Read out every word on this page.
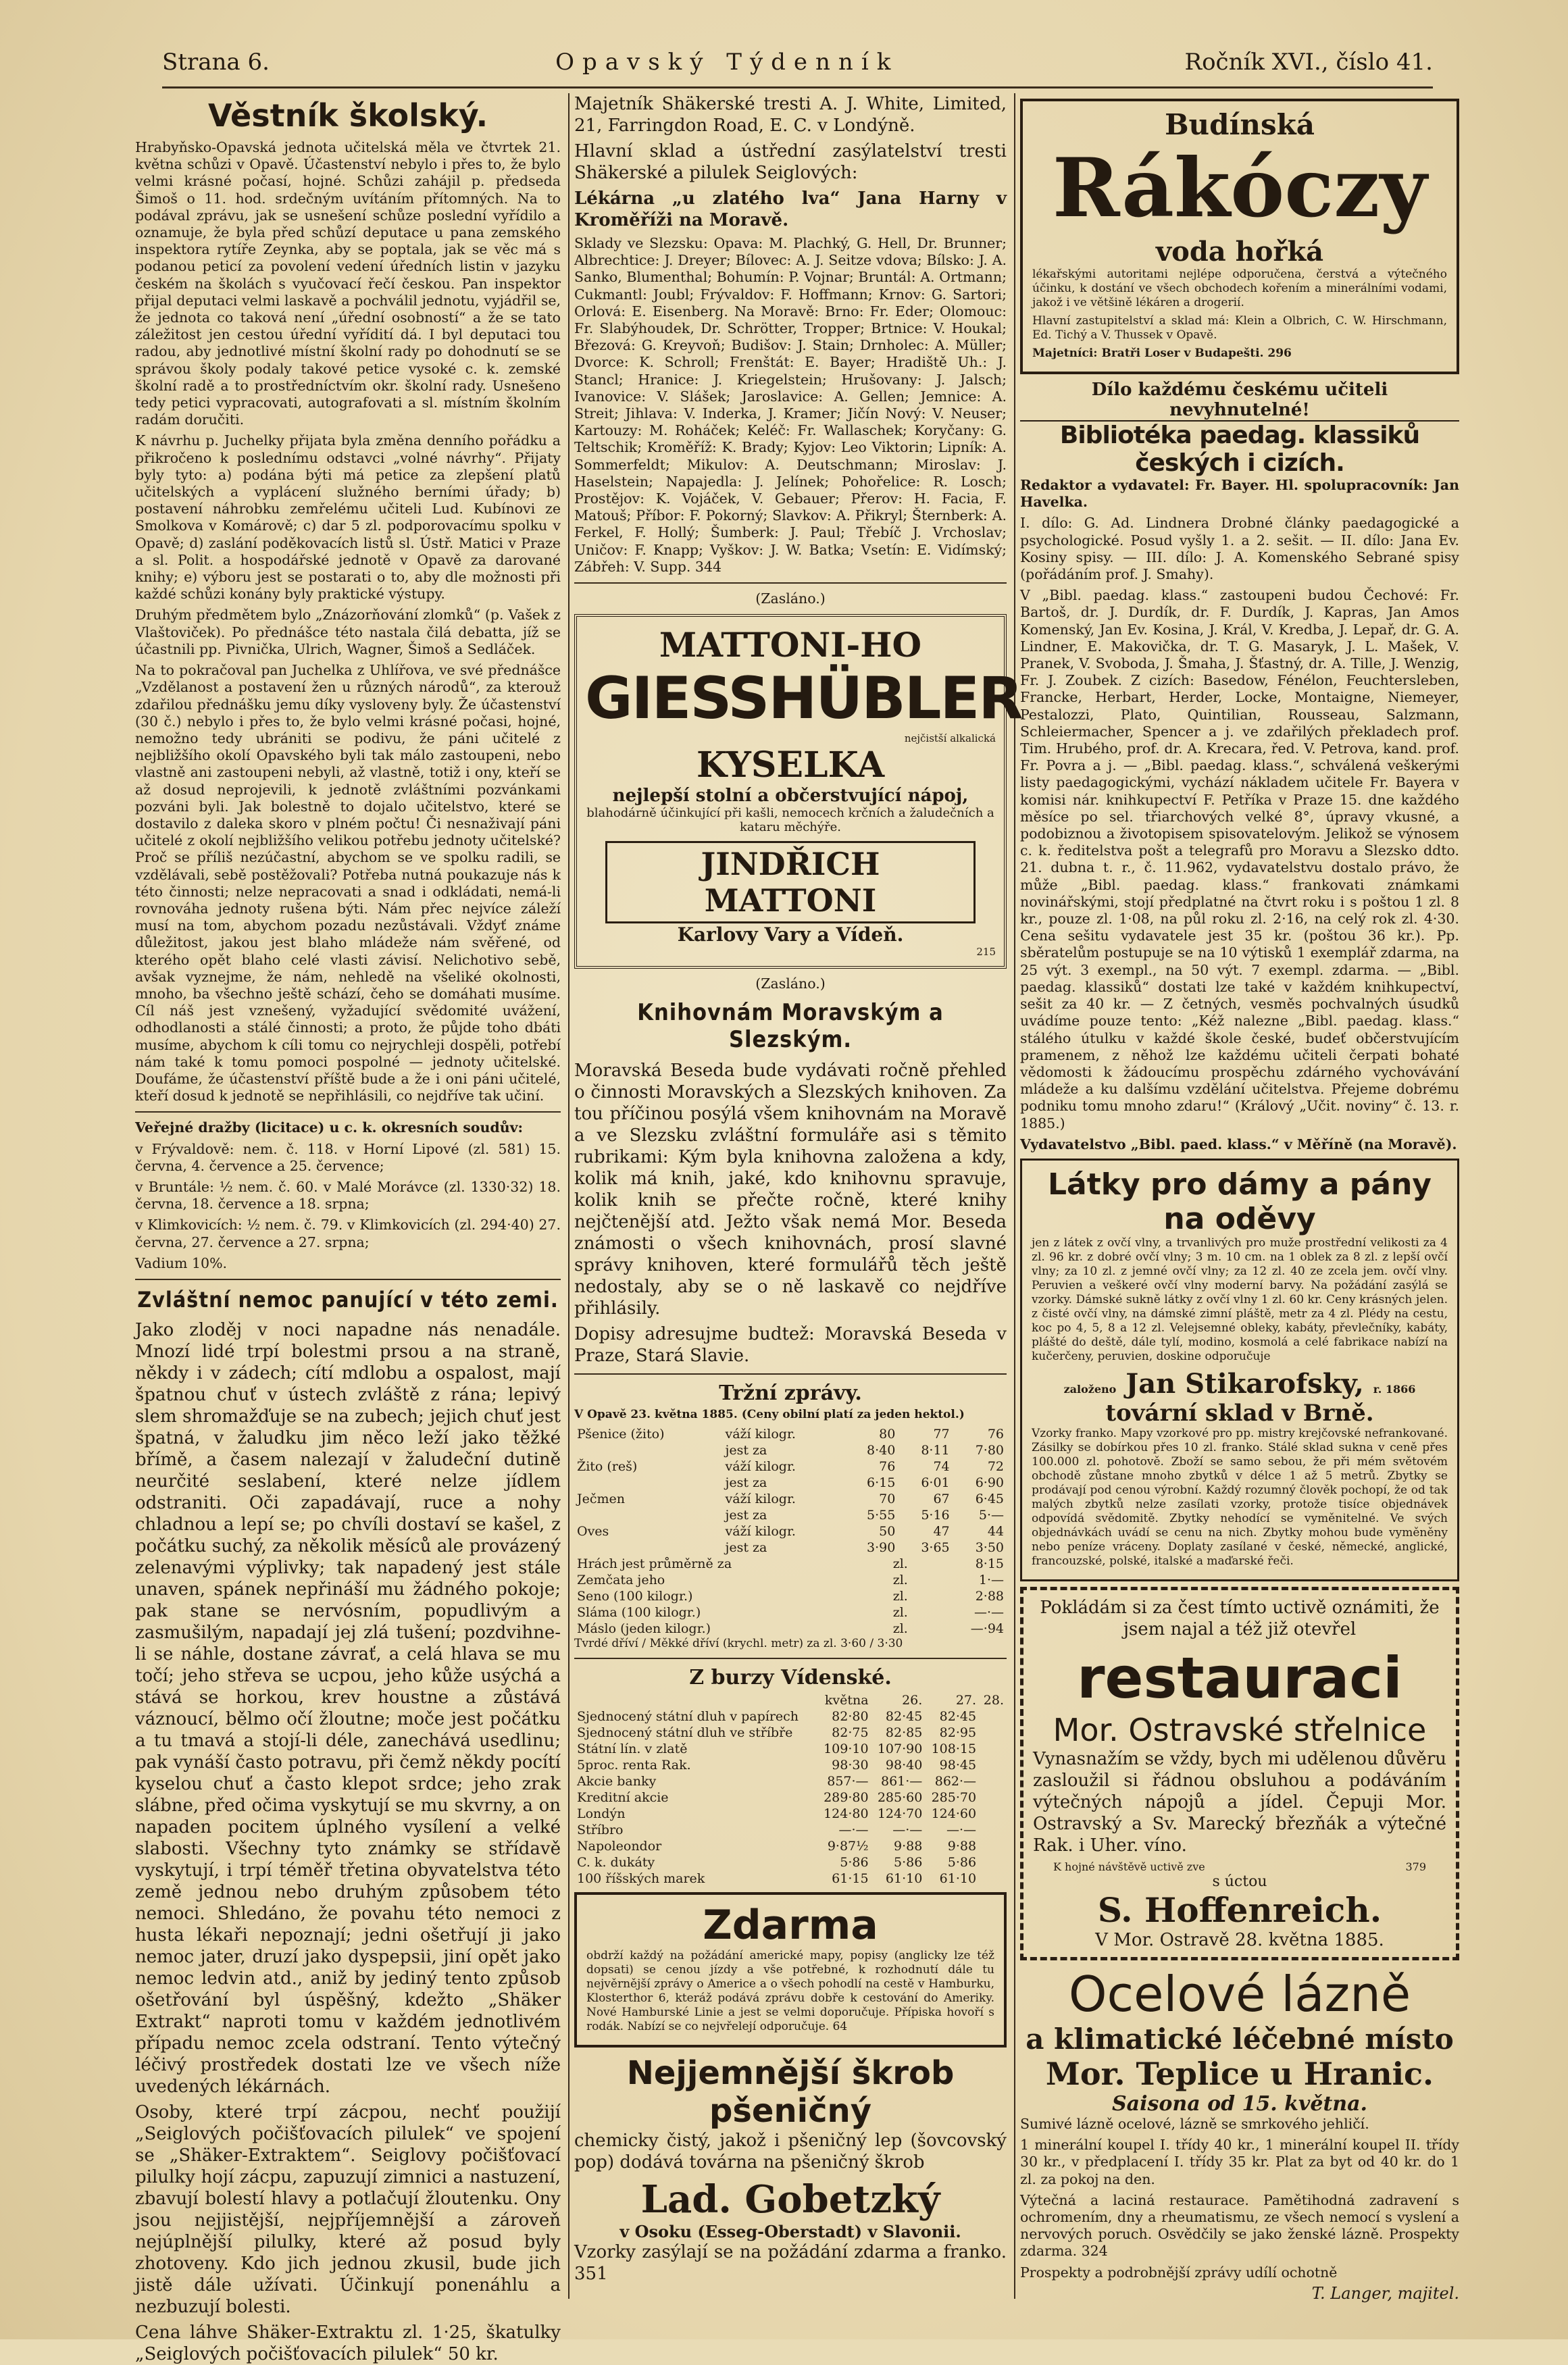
Strana 6.	Opavský Týdenník	Ročník XVI., číslo 41.
Věstník školský.

Hrabyňsko-Opavská jednota učitelská měla ve čtvrtek 21. května schůzi v Opavě. Účastenství nebylo i přes to, že bylo velmi krásné počasí, hojné. Schůzi zahájil p. předseda Šimoš o 11. hod. srdečným uvítáním přítomných. Na to podával zprávu, jak se usnešení schůze poslední vyřídilo a oznamuje, že byla před schůzí deputace u pana zemského inspektora rytíře Zeynka, aby se poptala, jak se věc má s podanou peticí za povolení vedení úředních listin v jazyku českém na školách s vyučovací řečí českou. Pan inspektor přijal deputaci velmi laskavě a pochválil jednotu, vyjádřil se, že jednota co taková není „úřední osobností“ a že se tato záležitost jen cestou úřední vyřídití dá. I byl deputaci tou radou, aby jednotlivé místní školní rady po dohodnutí se se správou školy podaly takové petice vysoké c. k. zemské školní radě a to prostředníctvím okr. školní rady. Usnešeno tedy petici vypracovati, autografovati a sl. místním školním radám doručiti.

K návrhu p. Juchelky přijata byla změna denního pořádku a přikročeno k poslednímu odstavci „volné návrhy“. Přijaty byly tyto: a) podána býti má petice za zlepšení platů učitelských a vyplácení služného berními úřady; b) postavení náhrobku zemřelému učiteli Lud. Kubínovi ze Smolkova v Komárově; c) dar 5 zl. podporovacímu spolku v Opavě; d) zaslání poděkovacích listů sl. Ústř. Matici v Praze a sl. Polit. a hospodářské jednotě v Opavě za darované knihy; e) výboru jest se postarati o to, aby dle možnosti při každé schůzi konány byly praktické výstupy.

Druhým předmětem bylo „Znázorňování zlomků“ (p. Vašek z Vlaštoviček). Po přednášce této nastala čilá debatta, jíž se účastnili pp. Pivnička, Ulrich, Wagner, Šimoš a Sedláček.

Na to pokračoval pan Juchelka z Uhlířova, ve své přednášce „Vzdělanost a postavení žen u různých národů“, za kterouž zdařilou přednášku jemu díky vysloveny byly. Že účastenství (30 č.) nebylo i přes to, že bylo velmi krásné počasi, hojné, nemožno tedy ubrániti se podivu, že páni učitelé z nejbližšího okolí Opavského byli tak málo zastoupeni, nebo vlastně ani zastoupeni nebyli, až vlastně, totiž i ony, kteří se až dosud neprojevili, k jednotě zvláštními pozvánkami pozváni byli. Jak bolestně to dojalo učitelstvo, které se dostavilo z daleka skoro v plném počtu! Či nesnaživají páni učitelé z okolí nejbližšího velikou potřebu jednoty učitelské? Proč se příliš nezúčastní, abychom se ve spolku radili, se vzdělávali, sebě postěžovali? Potřeba nutná poukazuje nás k této činnosti; nelze nepracovati a snad i odkládati, nemá-li rovnováha jednoty rušena býti. Nám přec nejvíce záleží musí na tom, abychom pozadu nezůstávali. Vždyť známe důležitost, jakou jest blaho mládeže nám svěřené, od kterého opět blaho celé vlasti závisí. Nelichotivo sebě, avšak vyznejme, že nám, nehledě na všeliké okolnosti, mnoho, ba všechno ještě schází, čeho se domáhati musíme. Cíl náš jest vznešený, vyžadující svědomité uvážení, odhodlanosti a stálé činnosti; a proto, že půjde toho dbáti musíme, abychom k cíli tomu co nejrychleji dospěli, potřebí nám také k tomu pomoci pospolné — jednoty učitelské. Doufáme, že účastenství příště bude a že i oni páni učitelé, kteří dosud k jednotě se nepřihlásili, co nejdříve tak učiní.

Veřejné dražby (licitace) u c. k. okresních soudův:

v Frývaldově: nem. č. 118. v Horní Lipové (zl. 581) 15. června, 4. července a 25. července;

v Bruntále: ½ nem. č. 60. v Malé Morávce (zl. 1330·32) 18. června, 18. července a 18. srpna;

v Klimkovicích: ½ nem. č. 79. v Klimkovicích (zl. 294·40) 27. června, 27. července a 27. srpna;

Vadium 10%.

Zvláštní nemoc panující v této zemi.

Jako zloděj v noci napadne nás nenadále. Mnozí lidé trpí bolestmi prsou a na straně, někdy i v zádech; cítí mdlobu a ospalost, mají špatnou chuť v ústech zvláště z rána; lepivý slem shromažďuje se na zubech; jejich chuť jest špatná, v žaludku jim něco leží jako těžké břímě, a časem nalezají v žaludeční dutině neurčité seslabení, které nelze jídlem odstraniti. Oči zapadávají, ruce a nohy chladnou a lepí se; po chvíli dostaví se kašel, z počátku suchý, za několik měsíců ale provázený zelenavými výplivky; tak napadený jest stále unaven, spánek nepřináší mu žádného pokoje; pak stane se nervósním, popudlivým a zasmušilým, napadají jej zlá tušení; pozdvihne-li se náhle, dostane závrať, a celá hlava se mu točí; jeho střeva se ucpou, jeho kůže usýchá a stává se horkou, krev houstne a zůstává váznoucí, bělmo očí žloutne; moče jest počátku a tu tmavá a stojí-li déle, zanechává usedlinu; pak vynáší často potravu, při čemž někdy pocítí kyselou chuť a často klepot srdce; jeho zrak slábne, před očima vyskytují se mu skvrny, a on napaden pocitem úplného vysílení a velké slabosti. Všechny tyto známky se střídavě vyskytují, i trpí téměř třetina obyvatelstva této země jednou nebo druhým způsobem této nemoci. Shledáno, že povahu této nemoci z hustа lékaři nepoznají; jedni ošetřují ji jako nemoc jater, druzí jako dyspepsii, jiní opět jako nemoc ledvin atd., aniž by jediný tento způsob ošetřování byl úspěšný, kdežto „Shäker Extrakt“ naproti tomu v každém jednotlivém případu nemoc zcela odstraní. Tento výtečný léčivý prostředek dostati lze ve všech níže uvedených lékárnách.

Osoby, které trpí zácpou, nechť použijí „Seiglových počišťovacích pilulek“ ve spojení se „Shäker-Extraktem“. Seiglovy počišťovací pilulky hojí zácpu, zapuzují zimnici a nastuzení, zbavují bolestí hlavy a potlačují žloutenku. Ony jsou nejjistější, nejpříjemnější a zároveň nejúplnější pilulky, které až posud byly zhotoveny. Kdo jich jednou zkusil, bude jich jistě dále užívati. Účinkují ponenáhlu a nezbuzují bolesti.

Cena láhve Shäker-Extraktu zl. 1·25, škatulky „Seiglových počišťovacích pilulek“ 50 kr.

Majetník Shäkerské tresti A. J. White, Limited, 21, Farringdon Road, E. C. v Londýně.

Hlavní sklad a ústřední zasýlatelství tresti Shäkerské a pilulek Seiglových:

Lékárna „u zlatého lva“ Jana Harny v Kroměříži na Moravě.

Sklady ve Slezsku: Opava: M. Plachký, G. Hell, Dr. Brunner; Albrechtice: J. Dreyer; Bílovec: A. J. Seitze vdova; Bílsko: J. A. Sanko, Blumenthal; Bohumín: P. Vojnar; Bruntál: A. Ortmann; Cukmantl: Joubl; Frývaldov: F. Hoffmann; Krnov: G. Sartori; Orlová: E. Eisenberg. Na Moravě: Brno: Fr. Eder; Olomouc: Fr. Slabýhoudek, Dr. Schrötter, Tropper; Brtnice: V. Houkal; Březová: G. Kreyvoň; Budišov: J. Stain; Drnholec: A. Müller; Dvorce: K. Schroll; Frenštát: E. Bayer; Hradiště Uh.: J. Stancl; Hranice: J. Kriegelstein; Hrušovany: J. Jalsch; Ivanovice: V. Slášek; Jaroslavice: A. Gellen; Jemnice: A. Streit; Jihlava: V. Inderka, J. Kramer; Jičín Nový: V. Neuser; Kartouzy: M. Roháček; Keléč: Fr. Wallaschek; Koryčany: G. Teltschik; Kroměříž: K. Brady; Kyjov: Leo Viktorin; Lipník: A. Sommerfeldt; Mikulov: A. Deutschmann; Miroslav: J. Haselstein; Napajedla: J. Jelínek; Pohořelice: R. Losch; Prostějov: K. Vojáček, V. Gebauer; Přerov: H. Facia, F. Matouš; Příbor: F. Pokorný; Slavkov: A. Přikryl; Šternberk: A. Ferkel, F. Hollý; Šumberk: J. Paul; Třebíč J. Vrchoslav; Uničov: F. Knapp; Vyškov: J. W. Batka; Vsetín: E. Vidímský; Zábřeh: V. Supp. 344

(Zasláno.)

MATTONI-HO
GIESSHÜBLER
nejčistší alkalická
KYSELKA
nejlepší stolní a občerstvující nápoj,
blahodárně účinkující při kašli, nemocech krčních a žaludečních a kataru měchýře.
JINDŘICH MATTONI
Karlovy Vary a Vídeň.
215

(Zasláno.)

Knihovnám Moravským a Slezským.

Moravská Beseda bude vydávati ročně přehled o činnosti Moravských a Slezských knihoven. Za tou příčinou posýlá všem knihovnám na Moravě a ve Slezsku zvláštní formuláře asi s těmito rubrikami: Kým byla knihovna založena a kdy, kolik má knih, jaké, kdo knihovnu spravuje, kolik knih se přečte ročně, které knihy nejčtenější atd. Ježto však nemá Mor. Beseda známosti o všech knihovnách, prosí slavné správy knihoven, které formulářů těch ještě nedostaly, aby se o ně laskavě co nejdříve přihlásily.

Dopisy adresujme budtež: Moravská Beseda v Praze, Stará Slavie.

Tržní zprávy.

V Opavě 23. května 1885. (Ceny obilní platí za jeden hektol.)

Pšenice (žito)	váží kilogr.	80	77	76
	jest za	8·40	8·11	7·80
Žito (reš)	váží kilogr.	76	74	72
	jest za	6·15	6·01	6·90
Ječmen	váží kilogr.	70	67	6·45
	jest za	5·55	5·16	5·—
Oves	váží kilogr.	50	47	44
	jest za	3·90	3·65	3·50
Hrách jest průměrně za	zl.	8·15
Zemčata jeho	zl.	1·—
Seno (100 kilogr.)	zl.	2·88
Sláma (100 kilogr.)	zl.	—·—
Máslo (jeden kilogr.)	zl.	—·94

Tvrdé dříví / Měkké dříví (krychl. metr) za zl. 3·60 / 3·30

Z burzy Vídenské.
	května	26.	27.	28.
Sjednocený státní dluh v papírech	82·80	82·45	82·45	
Sjednocený státní dluh ve stříbře	82·75	82·85	82·95	
Státní lín. v zlatě	109·10	107·90	108·15	
5proc. renta Rak.	98·30	98·40	98·45	
Akcie banky	857·—	861·—	862·—	
Kreditní akcie	289·80	285·60	285·70	
Londýn	124·80	124·70	124·60	
Stříbro	—·—	—·—	—·—	
Napoleondor	9·87½	9·88	9·88	
C. k. dukáty	5·86	5·86	5·86	
100 říšských marek	61·15	61·10	61·10	
Zdarma

obdrží každý na požádání americké mapy, popisy (anglicky lze též dopsati) se cenou jízdy a vše potřebné, k rozhodnutí dále tu nejvěrnější zprávy o Americe a o všech pohodlí na cestě v Hamburku, Klosterthor 6, kteráž podává zprávu dobře k cestování do Ameriky. Nové Hamburské Linie a jest se velmi doporučuje. Přípiska hovoří s rodák. Nabízí se co nejvřelejí odporučuje. 64

Nejjemnější škrob pšeničný

chemicky čistý, jakož i pšeničný lep (šovcovský pop) dodává továrna na pšeničný škrob

Lad. Gobetzký
v Osoku (Esseg-Oberstadt) v Slavonii.

Vzorky zasýlají se na požádání zdarma a franko. 351

Budínská
Rákóczy
voda hořká

lékařskými autoritami nejlépe odporučena, čerstvá a výtečného účinku, k dostání ve všech obchodech kořením a minerálními vodami, jakož i ve většině lékáren a drogerií.

Hlavní zastupitelství a sklad má: Klein a Olbrich, C. W. Hirschmann, Ed. Tichý a V. Thussek v Opavě.

Majetníci: Bratři Loser v Budapešti. 296

Dílo každému českému učiteli nevyhnutelné!
Bibliotéka paedag. klassiků českých i cizích.

Redaktor a vydavatel: Fr. Bayer. Hl. spolupracovník: Jan Havelka.

I. dílo: G. Ad. Lindnera Drobné články paedagogické a psychologické. Posud vyšly 1. a 2. sešit. — II. dílo: Jana Ev. Kosiny spisy. — III. dílo: J. A. Komenského Sebrané spisy (pořádáním prof. J. Smahy).

V „Bibl. paedag. klass.“ zastoupeni budou Čechové: Fr. Bartoš, dr. J. Durdík, dr. F. Durdík, J. Kapras, Jan Amos Komenský, Jan Ev. Kosina, J. Král, V. Kredba, J. Lepař, dr. G. A. Lindner, E. Makovička, dr. T. G. Masaryk, J. L. Mašek, V. Pranek, V. Svoboda, J. Šmaha, J. Šťastný, dr. A. Tille, J. Wenzig, Fr. J. Zoubek. Z cizích: Basedow, Fénélon, Feuchtersleben, Francke, Herbart, Herder, Locke, Montaigne, Niemeyer, Pestalozzi, Plato, Quintilian, Rousseau, Salzmann, Schleiermacher, Spencer a j. ve zdařilých překladech prof. Tim. Hrubého, prof. dr. A. Krecara, řed. V. Petrova, kand. prof. Fr. Povra a j. — „Bibl. paedag. klass.“, schválená veškerými listy paedagogickými, vychází nákladem učitele Fr. Bayera v komisi nár. knihkupectví F. Petříka v Praze 15. dne každého měsíce po sel. třiarchových velké 8°, úpravy vkusné, a podobiznou a životopisem spisovatelovým. Jelikož se výnosem c. k. ředitelstva pošt a telegrafů pro Moravu a Slezsko ddto. 21. dubna t. r., č. 11.962, vydavatelstvu dostalo právo, že může „Bibl. paedag. klass.“ frankovati známkami novinářskými, stojí předplatné na čtvrt roku i s poštou 1 zl. 8 kr., pouze zl. 1·08, na půl roku zl. 2·16, na celý rok zl. 4·30. Cena sešitu vydavatele jest 35 kr. (poštou 36 kr.). Pp. sběratelům postupuje se na 10 výtisků 1 exemplář zdarma, na 25 výt. 3 exempl., na 50 výt. 7 exempl. zdarma. — „Bibl. paedag. klassiků“ dostati lze také v každém knihkupectví, sešit za 40 kr. — Z četných, vesměs pochvalných úsudků uvádíme pouze tento: „Kéž nalezne „Bibl. paedag. klass.“ stálého útulku v každé škole české, budeť občerstvujícím pramenem, z něhož lze každému učiteli čerpati bohaté vědomosti k žádoucímu prospěchu zdárného vychovávání mládeže a ku dalšímu vzdělání učitelstva. Přejeme dobrému podniku tomu mnoho zdaru!“ (Králový „Učit. noviny“ č. 13. r. 1885.)

Vydavatelstvo „Bibl. paed. klass.“ v Měříně (na Moravě).

Látky pro dámy a pány na oděvy

jen z látek z ovčí vlny, a trvanlivých pro muže prostřední velikosti za 4 zl. 96 kr. z dobré ovčí vlny; 3 m. 10 cm. na 1 oblek za 8 zl. z lepší ovčí vlny; za 10 zl. z jemné ovčí vlny; za 12 zl. 40 ze zcela jem. ovčí vlny. Peruvien a veškeré ovčí vlny moderní barvy. Na požádání zasýlá se vzorky. Dámské sukně látky z ovčí vlny 1 zl. 60 kr. Ceny krásných jelen. z čisté ovčí vlny, na dámské zimní pláště, metr za 4 zl. Plédy na cestu, koc po 4, 5, 8 a 12 zl. Velejsemné obleky, kabáty, převlečníky, kabáty, plášté do deště, dále tylí, modino, kosmolá a celé fabrikace nabízí na kučerčeny, peruvien, doskine odporučuje

založeno Jan Stikarofsky, r. 1866
tovární sklad v Brně.

Vzorky franko. Mapy vzorkové pro pp. mistry krejčovské nefrankované. Zásilky se dobírkou přes 10 zl. franko. Stálé sklad sukna v ceně přes 100.000 zl. pohotově. Zboží se samo sebou, že při mém světovém obchodě zůstane mnoho zbytků v délce 1 až 5 metrů. Zbytky se prodávají pod cenou výrobní. Každý rozumný člověk pochopí, že od tak malých zbytků nelze zasílati vzorky, protože tisíce objednávek odpovídá svědomitě. Zbytky nehodící se vyměnitelné. Ve svých objednávkách uvádí se cenu na nich. Zbytky mohou bude vyměněny nebo peníze vráceny. Doplaty zasílané v české, německé, anglické, francouzské, polské, italské a maďarské řeči.

Pokládám si za čest tímto uctivě oznámiti, že jsem najal a též již otevřel

restauraci
Mor. Ostravské střelnice

Vynasnažím se vždy, bych mi udělenou důvěru zasloužil si řádnou obsluhou a podáváním výtečných nápojů a jídel. Čepuji Mor. Ostravský a Sv. Marecký březňák a výtečné Rak. i Uher. víno.

K hojné návštěvě uctivě zve	379
s úctou
S. Hoffenreich.
V Mor. Ostravě 28. května 1885.
Ocelové lázně
a klimatické léčebné místo
Mor. Teplice u Hranic.
Saisona od 15. května.

Sumivé lázně ocelové, lázně se smrkového jehličí.

1 minerální koupel I. třídy 40 kr., 1 minerální koupel II. třídy 30 kr., v předplacení I. třídy 35 kr. Plat za byt od 40 kr. do 1 zl. za pokoj na den.

Výtečná a laciná restaurace. Pamětihodná zadravení s ochromením, dny a rheumatismu, ze všech nemocí s vyslení a nervových poruch. Osvědčily se jako ženské lázně. Prospekty zdarma. 324

Prospekty a podrobnější zprávy udílí ochotně

T. Langer, majitel.
